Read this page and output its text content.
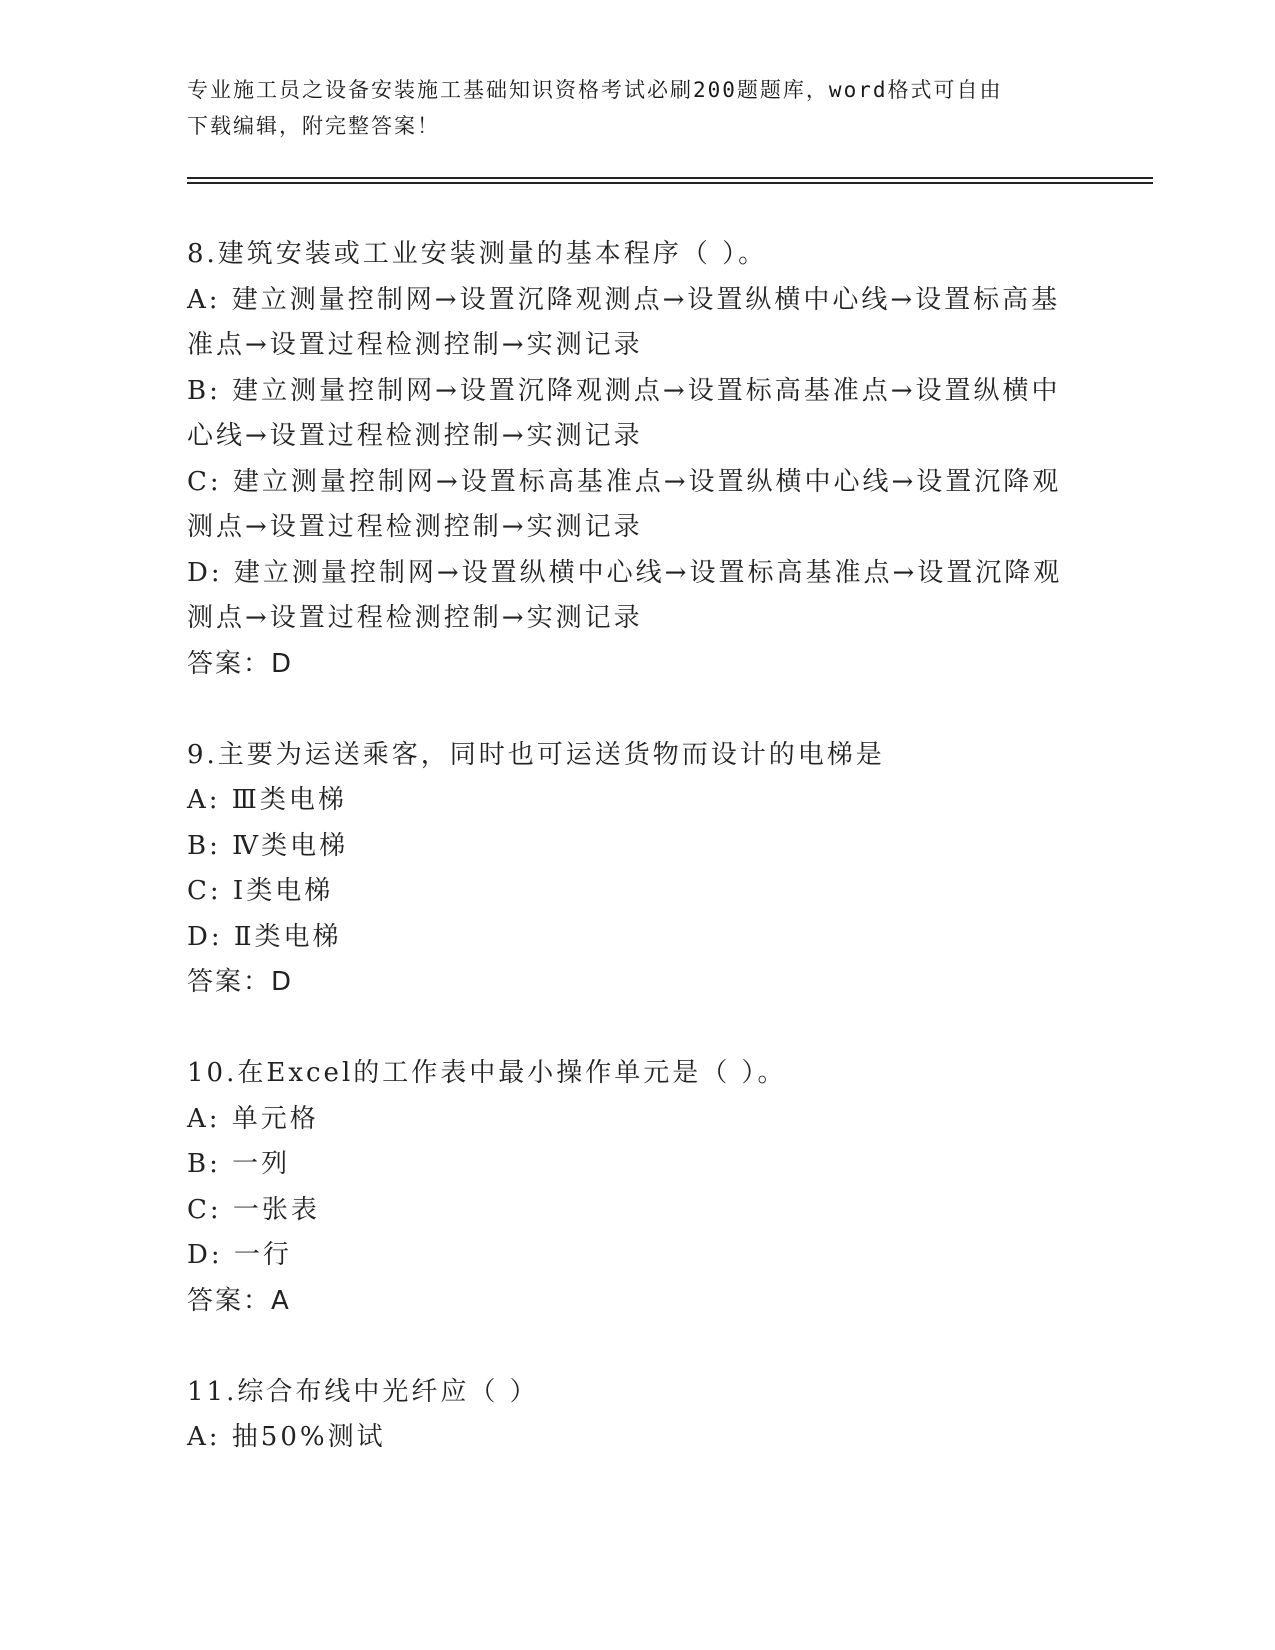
专业施工员之设备安装施工基础知识资格考试必刷200题题库，word格式可自由
下载编辑，附完整答案！
8.建筑安装或工业安装测量的基本程序（ ）。
A: 建立测量控制网→设置沉降观测点→设置纵横中心线→设置标高基
准点→设置过程检测控制→实测记录
B: 建立测量控制网→设置沉降观测点→设置标高基准点→设置纵横中
心线→设置过程检测控制→实测记录
C: 建立测量控制网→设置标高基准点→设置纵横中心线→设置沉降观
测点→设置过程检测控制→实测记录
D: 建立测量控制网→设置纵横中心线→设置标高基准点→设置沉降观
测点→设置过程检测控制→实测记录
答案：D
9.主要为运送乘客，同时也可运送货物而设计的电梯是
A: Ⅲ类电梯
B: Ⅳ类电梯
C: Ⅰ类电梯
D: Ⅱ类电梯
答案：D
10.在Excel的工作表中最小操作单元是（ ）。
A: 单元格
B: 一列
C: 一张表
D: 一行
答案：A
11.综合布线中光纤应（ ）
A: 抽50%测试
